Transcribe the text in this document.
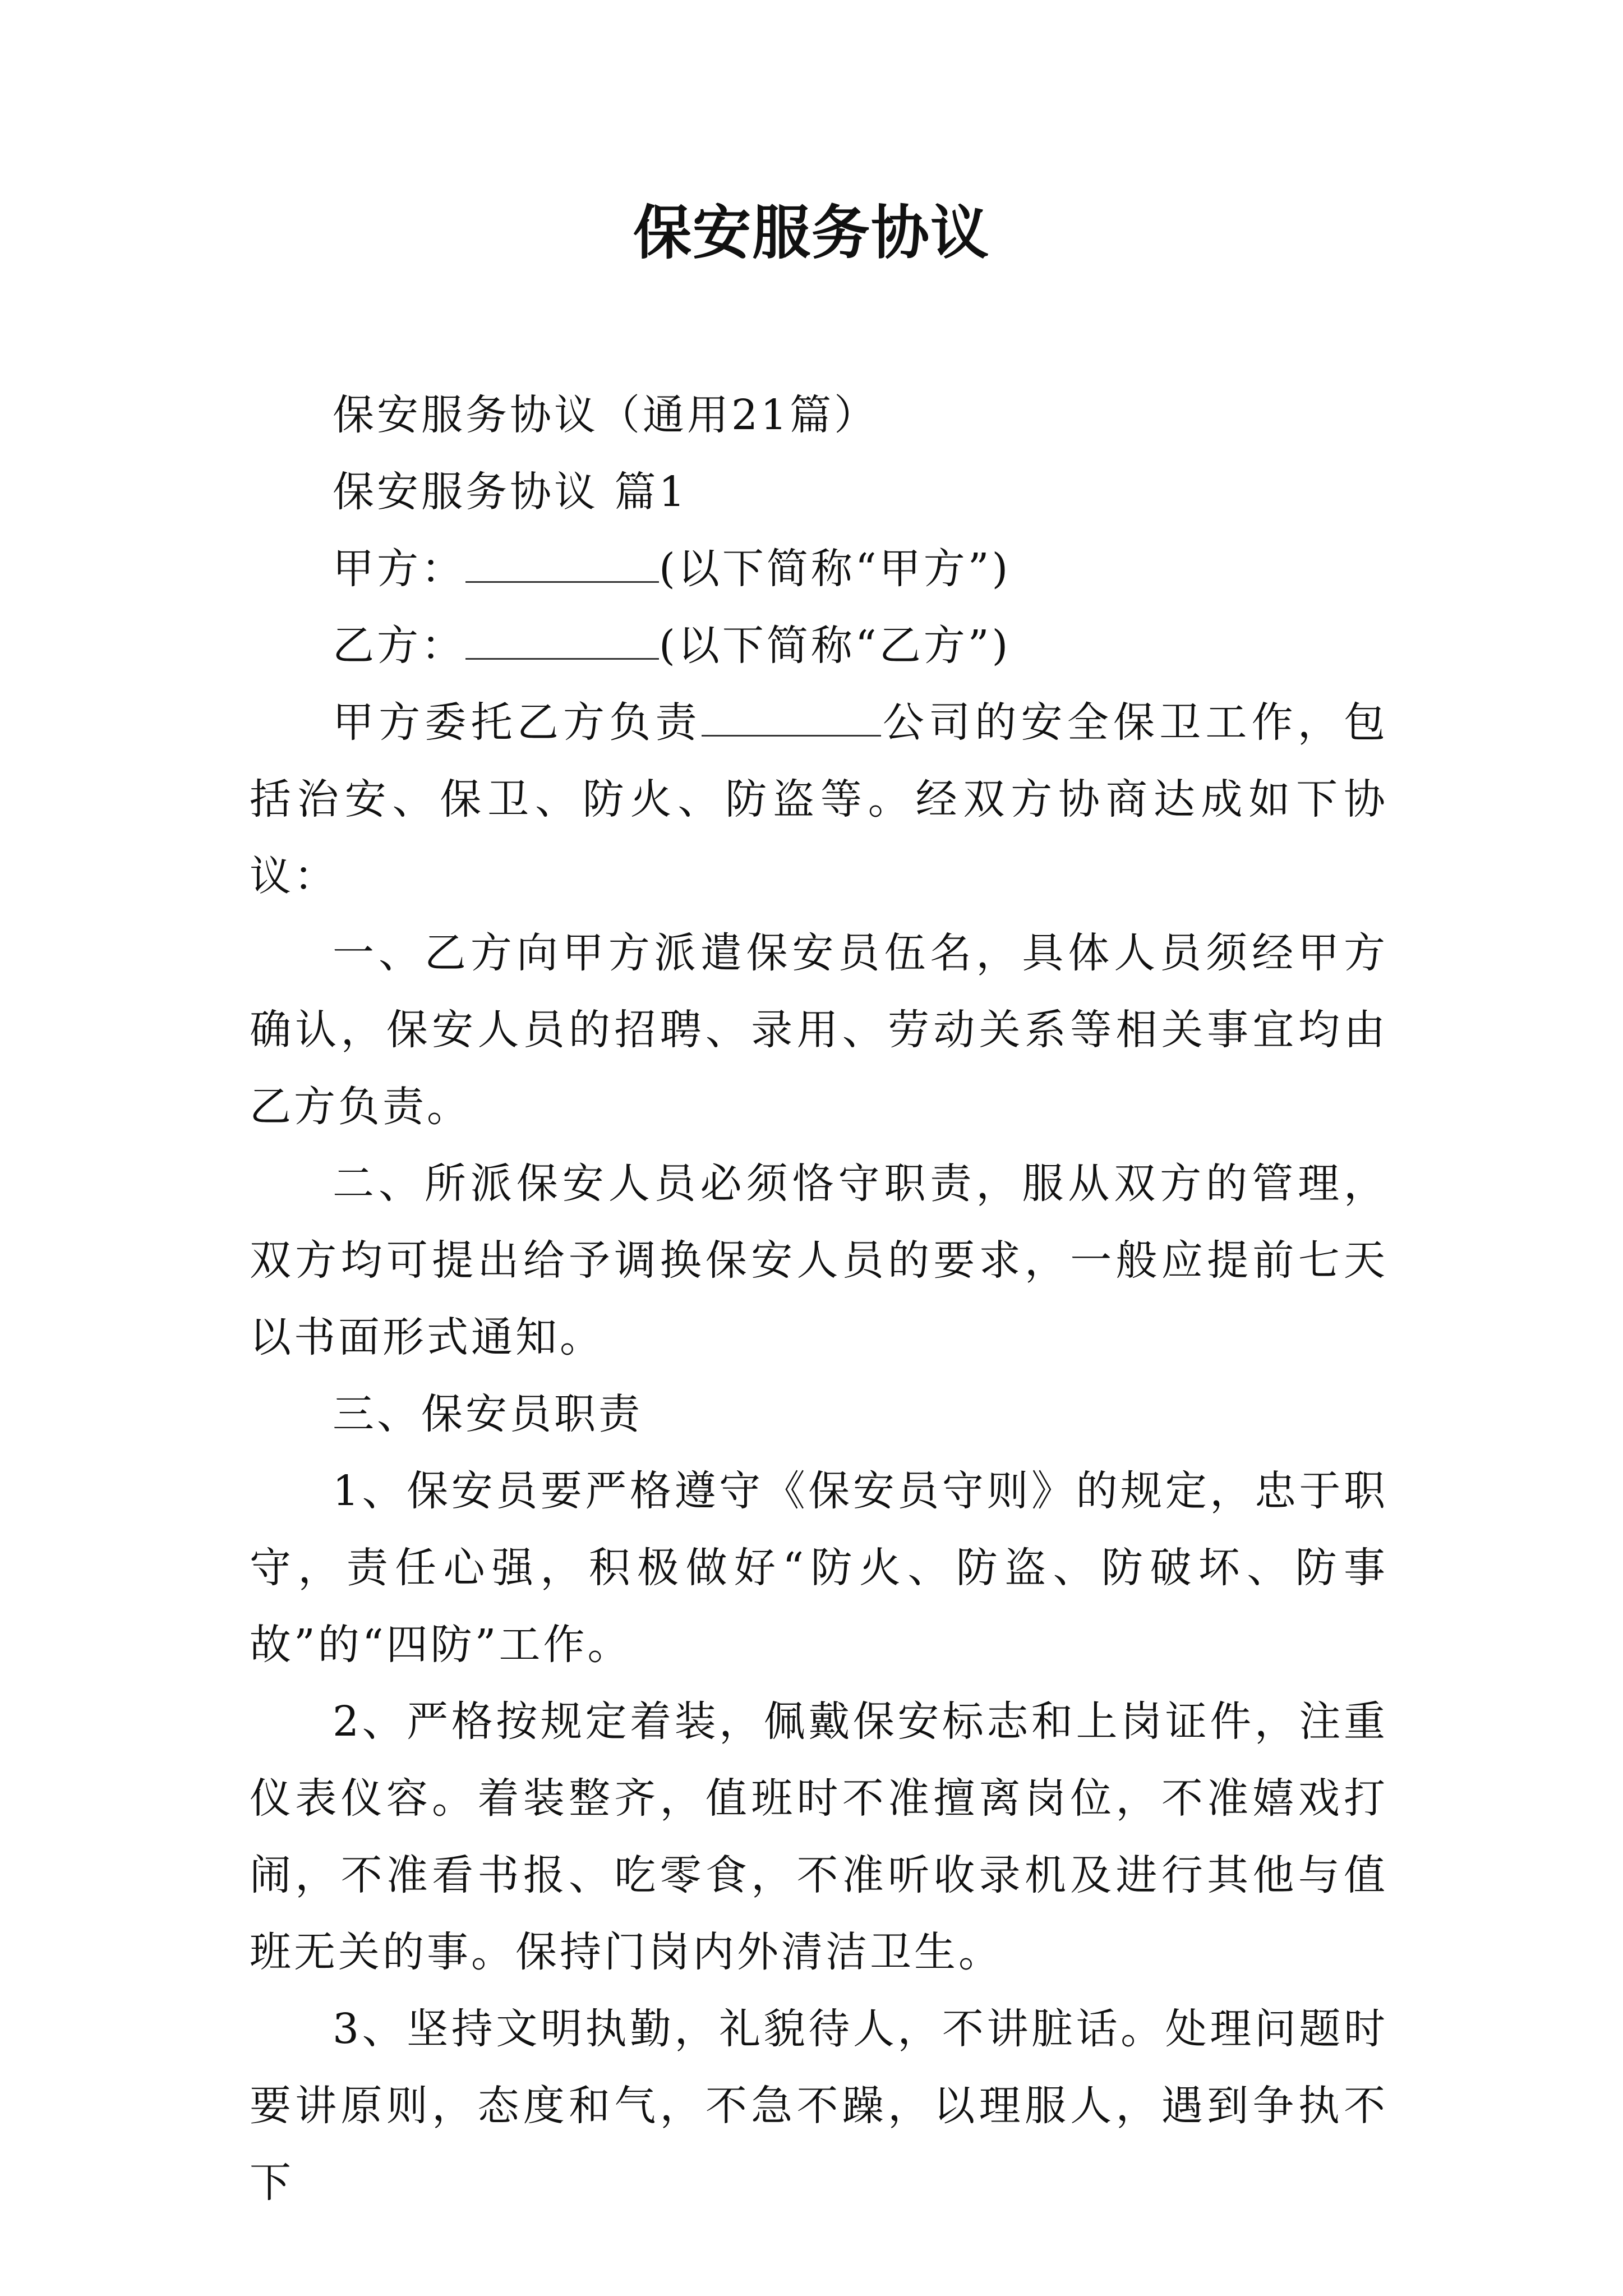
保安服务协议

保安服务协议（通用21篇）

保安服务协议 篇1

甲方：	(以下简称“甲方”)

乙方：	(以下简称“乙方”)

甲方委托乙方负责	公司的安全保卫工作，包括治安、保卫、防火、防盗等。经双方协商达成如下协议：

一、乙方向甲方派遣保安员伍名，具体人员须经甲方确认，保安人员的招聘、录用、劳动关系等相关事宜均由乙方负责。

二、所派保安人员必须恪守职责，服从双方的管理，双方均可提出给予调换保安人员的要求，一般应提前七天以书面形式通知。

三、保安员职责

1、保安员要严格遵守《保安员守则》的规定，忠于职守，责任心强，积极做好“防火、防盗、防破坏、防事故”的“四防”工作。

2、严格按规定着装，佩戴保安标志和上岗证件，注重仪表仪容。着装整齐，值班时不准擅离岗位，不准嬉戏打闹，不准看书报、吃零食，不准听收录机及进行其他与值班无关的事。保持门岗内外清洁卫生。

3、坚持文明执勤，礼貌待人，不讲脏话。处理问题时要讲原则，态度和气，不急不躁，以理服人，遇到争执不下
